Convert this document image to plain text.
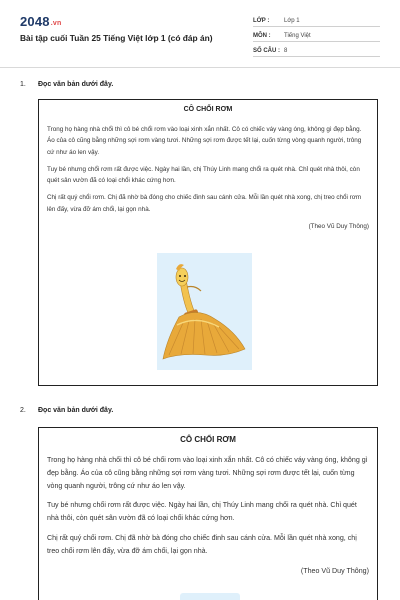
2048.vn
Bài tập cuối Tuần 25 Tiếng Việt lớp 1 (có đáp án)
LỚP :	Lớp 1
MÔN :	Tiếng Việt
SỐ CÂU : 8
1. Đọc văn bản dưới đây.
CÔ CHỔI RƠM

Trong họ hàng nhà chổi thì cô bé chổi rơm vào loại xinh xắn nhất. Cô có chiếc váy vàng óng, không gì đẹp bằng. Áo của cô cũng bằng những sợi rơm vàng tươi. Những sợi rơm được tết lại, cuốn từng vòng quanh người, trông cứ như áo len vậy.

Tuy bé nhưng chổi rơm rất được việc. Ngày hai lần, chị Thúy Linh mang chổi ra quét nhà. Chỉ quét nhà thôi, còn quét sân vườn đã có loại chổi khác cứng hơn.

Chị rất quý chổi rơm. Chị đã nhờ bà đóng cho chiếc đinh sau cánh cửa. Mỗi lần quét nhà xong, chị treo chổi rơm lên đấy, vừa đỡ ám chổi, lại gọn nhà.

(Theo Vũ Duy Thông)
2. Đọc văn bản dưới đây.
CÔ CHỔI RƠM

Trong họ hàng nhà chổi thì cô bé chổi rơm vào loại xinh xắn nhất. Cô có chiếc váy vàng óng, không gì đẹp bằng. Áo của cô cũng bằng những sợi rơm vàng tươi. Những sợi rơm được tết lại, cuốn từng vòng quanh người, trông cứ như áo len vậy.

Tuy bé nhưng chổi rơm rất được việc. Ngày hai lần, chị Thúy Linh mang chổi ra quét nhà. Chỉ quét nhà thôi, còn quét sân vườn đã có loại chổi khác cứng hơn.

Chị rất quý chổi rơm. Chị đã nhờ bà đóng cho chiếc đinh sau cánh cửa. Mỗi lần quét nhà xong, chị treo chổi rơm lên đấy, vừa đỡ ám chổi, lại gọn nhà.

(Theo Vũ Duy Thông)
